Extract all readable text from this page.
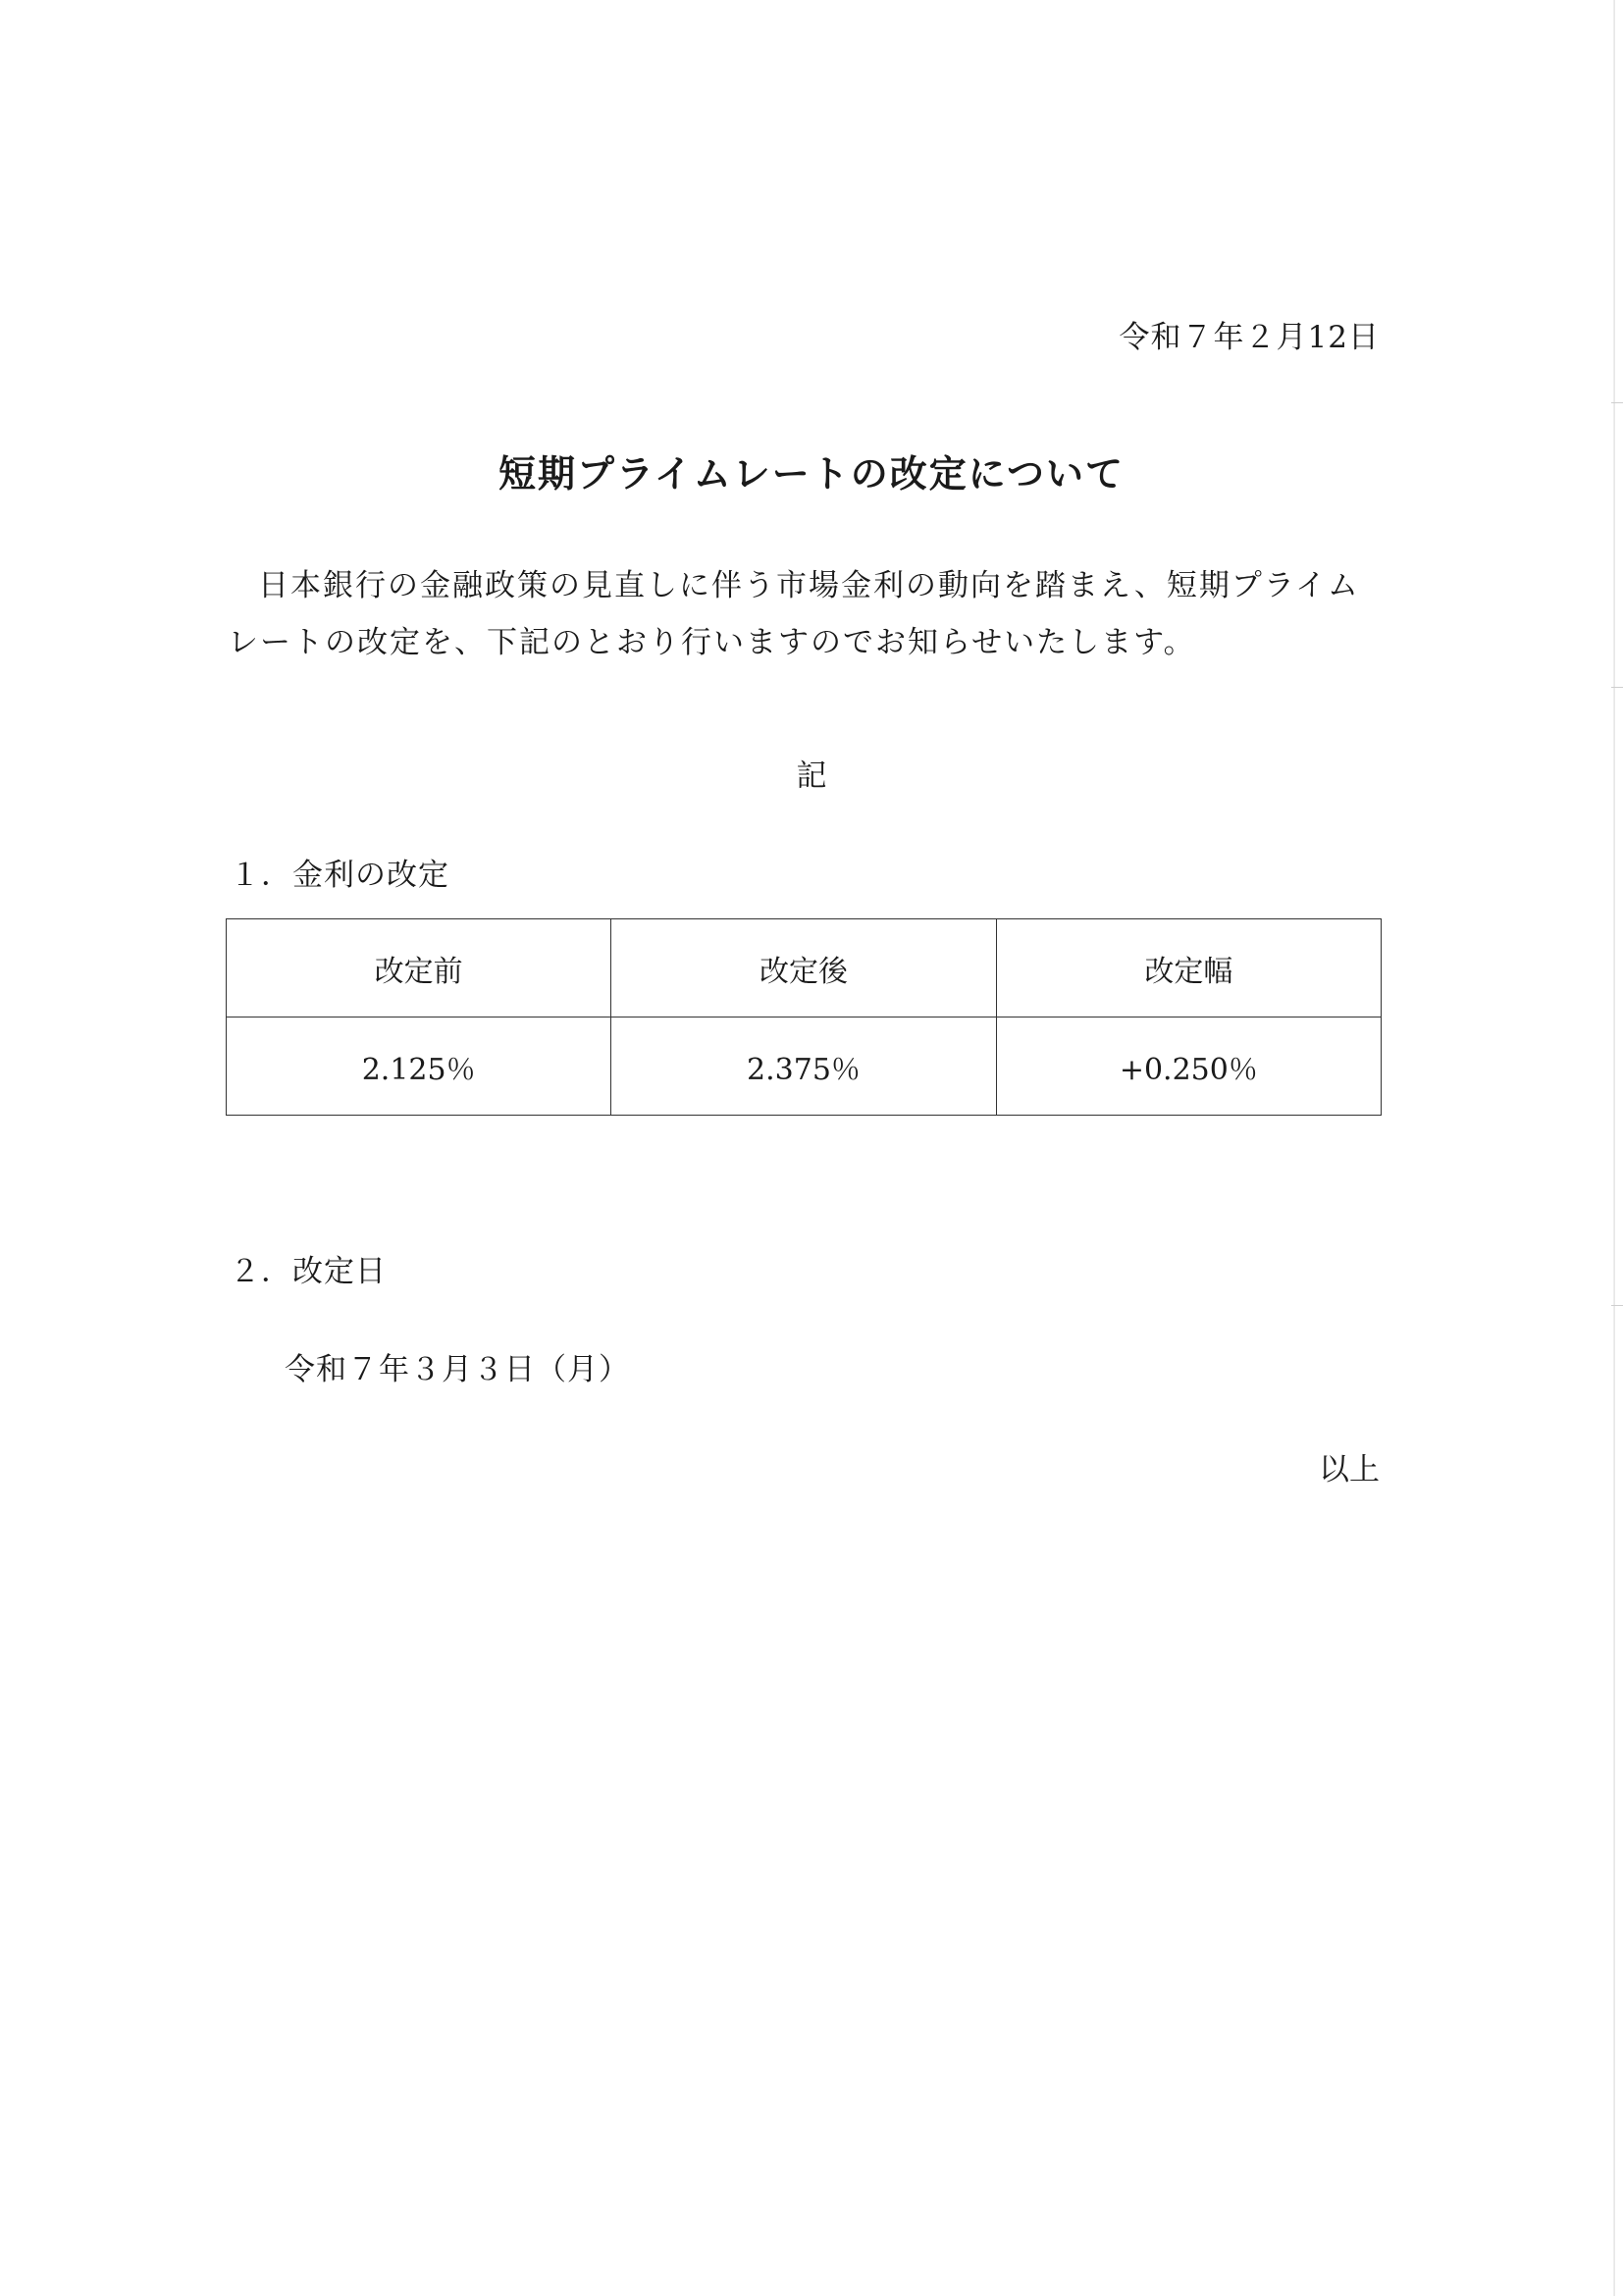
令和７年２月12日
短期プライムレートの改定について

日本銀行の金融政策の見直しに伴う市場金利の動向を踏まえ、短期プライムレートの改定を、下記のとおり行いますのでお知らせいたします。

記
１．金利の改定
改定前	改定後	改定幅
2.125％	2.375％	+0.250％
２．改定日
令和７年３月３日（月）
以上
